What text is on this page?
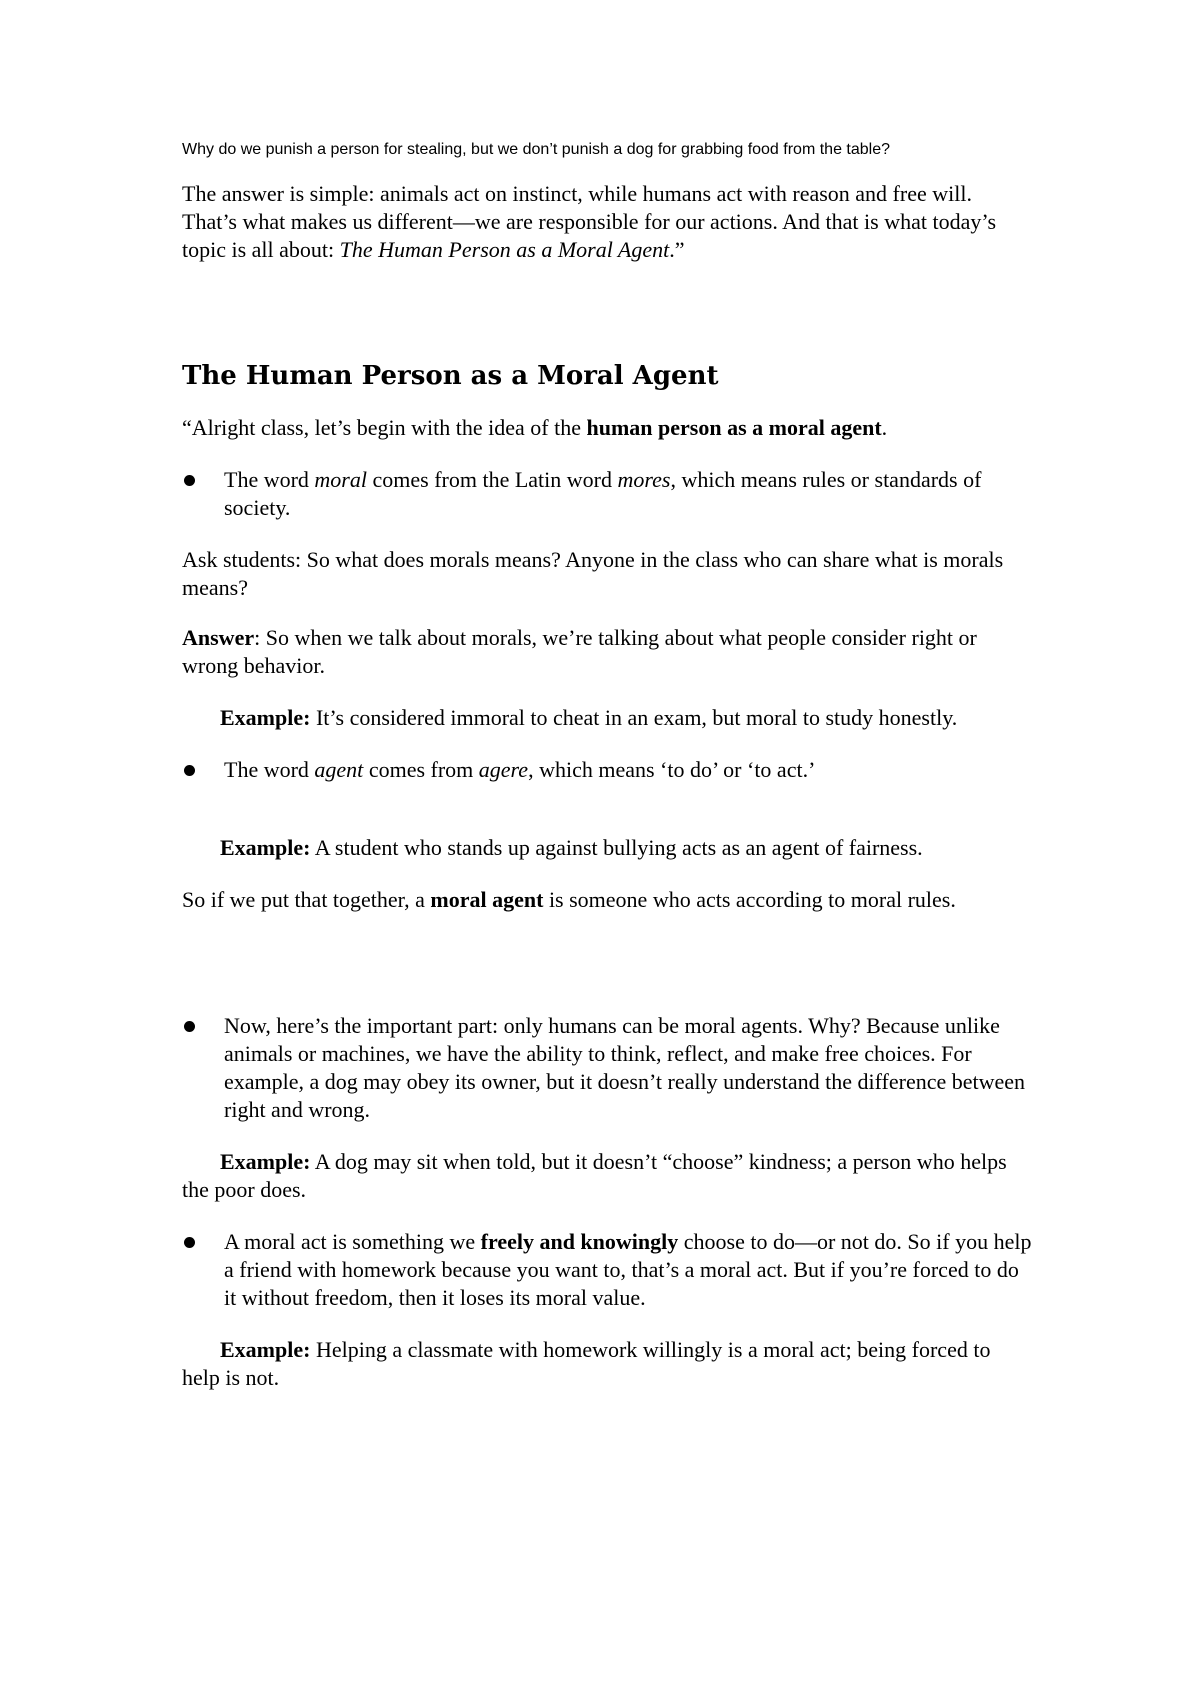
Why do we punish a person for stealing, but we don’t punish a dog for grabbing food from the table?

The answer is simple: animals act on instinct, while humans act with reason and free will. That’s what makes us different—we are responsible for our actions. And that is what today’s topic is all about: The Human Person as a Moral Agent.”

The Human Person as a Moral Agent

“Alright class, let’s begin with the idea of the human person as a moral agent.

The word moral comes from the Latin word mores, which means rules or standards of society.

Ask students: So what does morals means? Anyone in the class who can share what is morals means?

Answer: So when we talk about morals, we’re talking about what people consider right or wrong behavior.

Example: It’s considered immoral to cheat in an exam, but moral to study honestly.

The word agent comes from agere, which means ‘to do’ or ‘to act.’

Example: A student who stands up against bullying acts as an agent of fairness.

So if we put that together, a moral agent is someone who acts according to moral rules.

Now, here’s the important part: only humans can be moral agents. Why? Because unlike animals or machines, we have the ability to think, reflect, and make free choices. For example, a dog may obey its owner, but it doesn’t really understand the difference between right and wrong.

Example: A dog may sit when told, but it doesn’t “choose” kindness; a person who helps the poor does.

A moral act is something we freely and knowingly choose to do—or not do. So if you help a friend with homework because you want to, that’s a moral act. But if you’re forced to do it without freedom, then it loses its moral value.

Example: Helping a classmate with homework willingly is a moral act; being forced to help is not.
